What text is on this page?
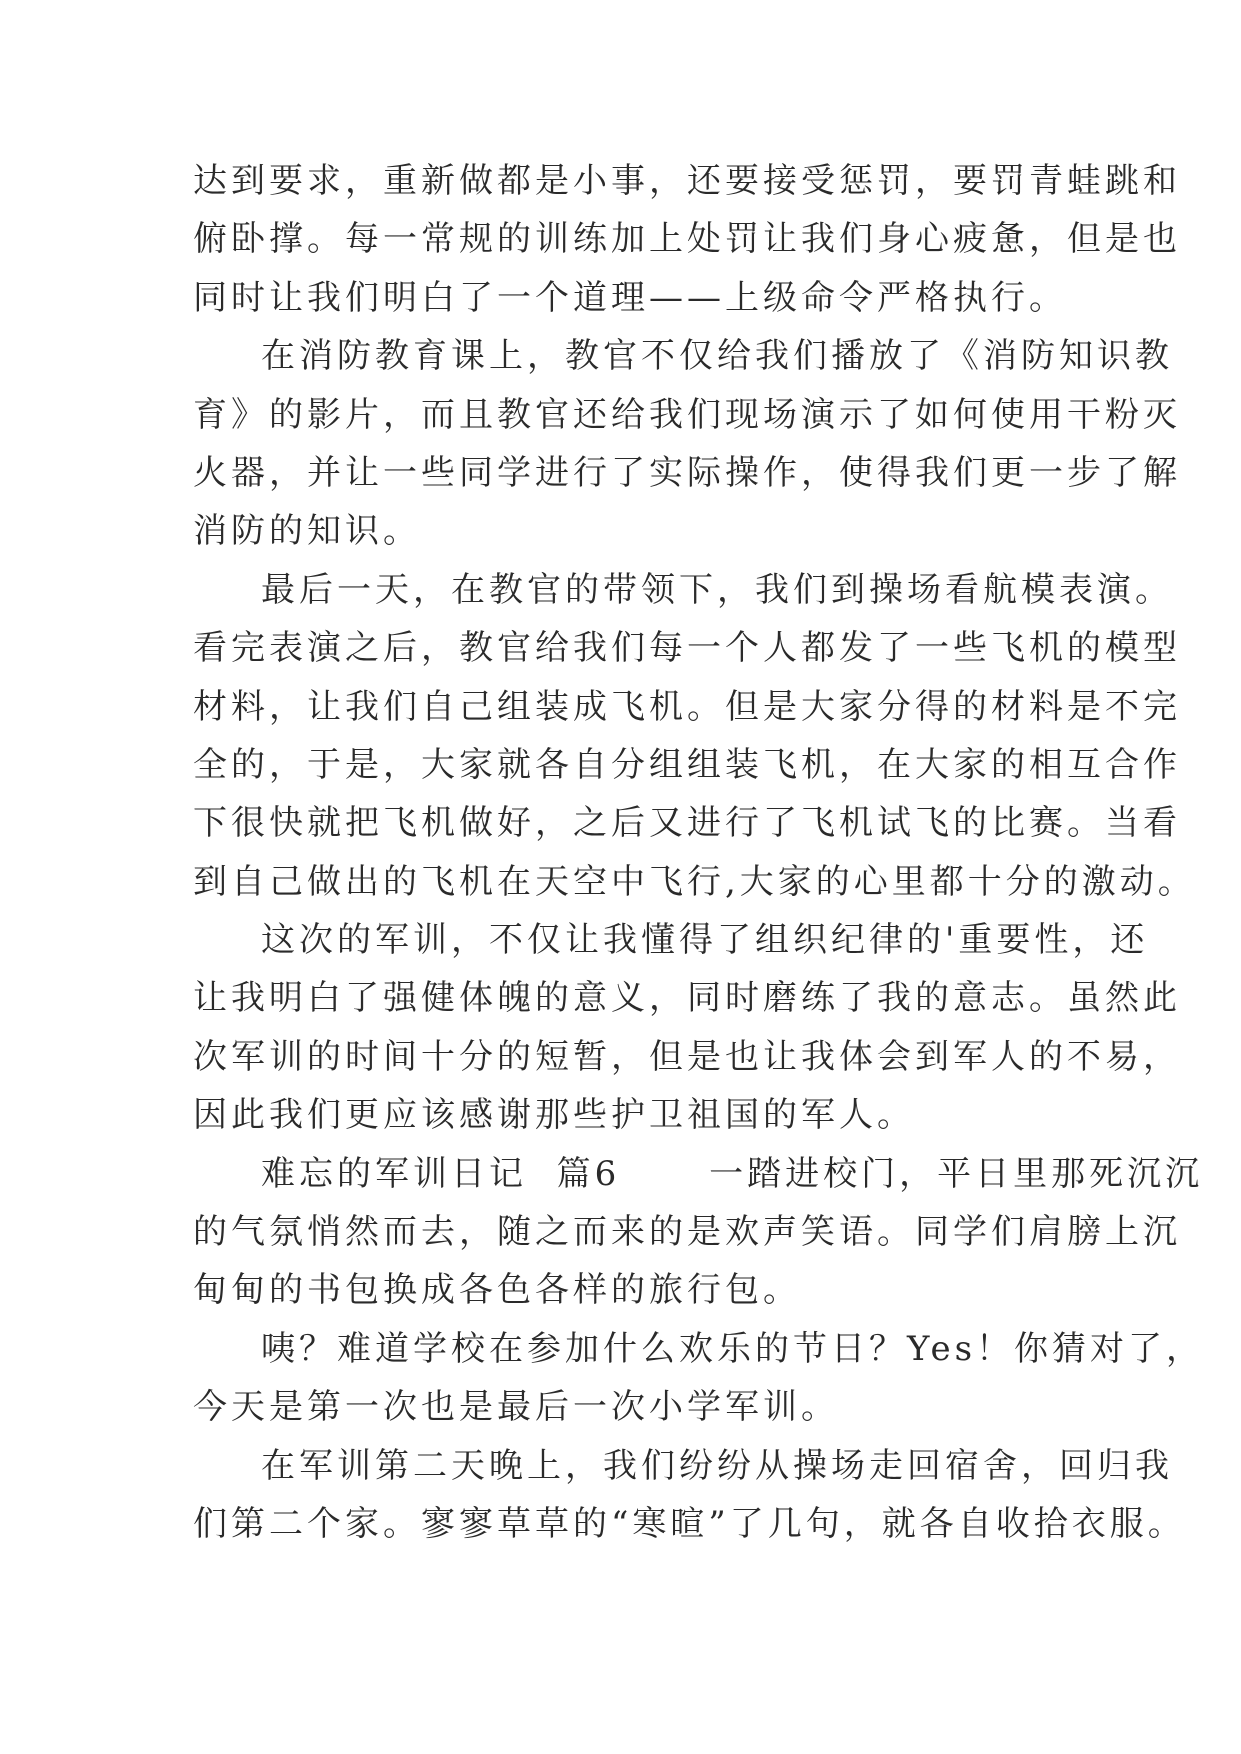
达到要求，重新做都是小事，还要接受惩罚，要罚青蛙跳和
俯卧撑。每一常规的训练加上处罚让我们身心疲惫，但是也
同时让我们明白了一个道理——上级命令严格执行。
在消防教育课上，教官不仅给我们播放了《消防知识教
育》的影片，而且教官还给我们现场演示了如何使用干粉灭
火器，并让一些同学进行了实际操作，使得我们更一步了解
消防的知识。
最后一天，在教官的带领下，我们到操场看航模表演。
看完表演之后，教官给我们每一个人都发了一些飞机的模型
材料，让我们自己组装成飞机。但是大家分得的材料是不完
全的，于是，大家就各自分组组装飞机，在大家的相互合作
下很快就把飞机做好，之后又进行了飞机试飞的比赛。当看
到自己做出的飞机在天空中飞行,大家的心里都十分的激动。
这次的军训，不仅让我懂得了组织纪律的'重要性，还
让我明白了强健体魄的意义，同时磨练了我的意志。虽然此
次军训的时间十分的短暂，但是也让我体会到军人的不易，
因此我们更应该感谢那些护卫祖国的军人。
难忘的军训日记  篇6      一踏进校门，平日里那死沉沉
的气氛悄然而去，随之而来的是欢声笑语。同学们肩膀上沉
甸甸的书包换成各色各样的旅行包。
咦？难道学校在参加什么欢乐的节日？Yes！你猜对了，
今天是第一次也是最后一次小学军训。
在军训第二天晚上，我们纷纷从操场走回宿舍，回归我
们第二个家。寥寥草草的“寒暄”了几句，就各自收拾衣服。
